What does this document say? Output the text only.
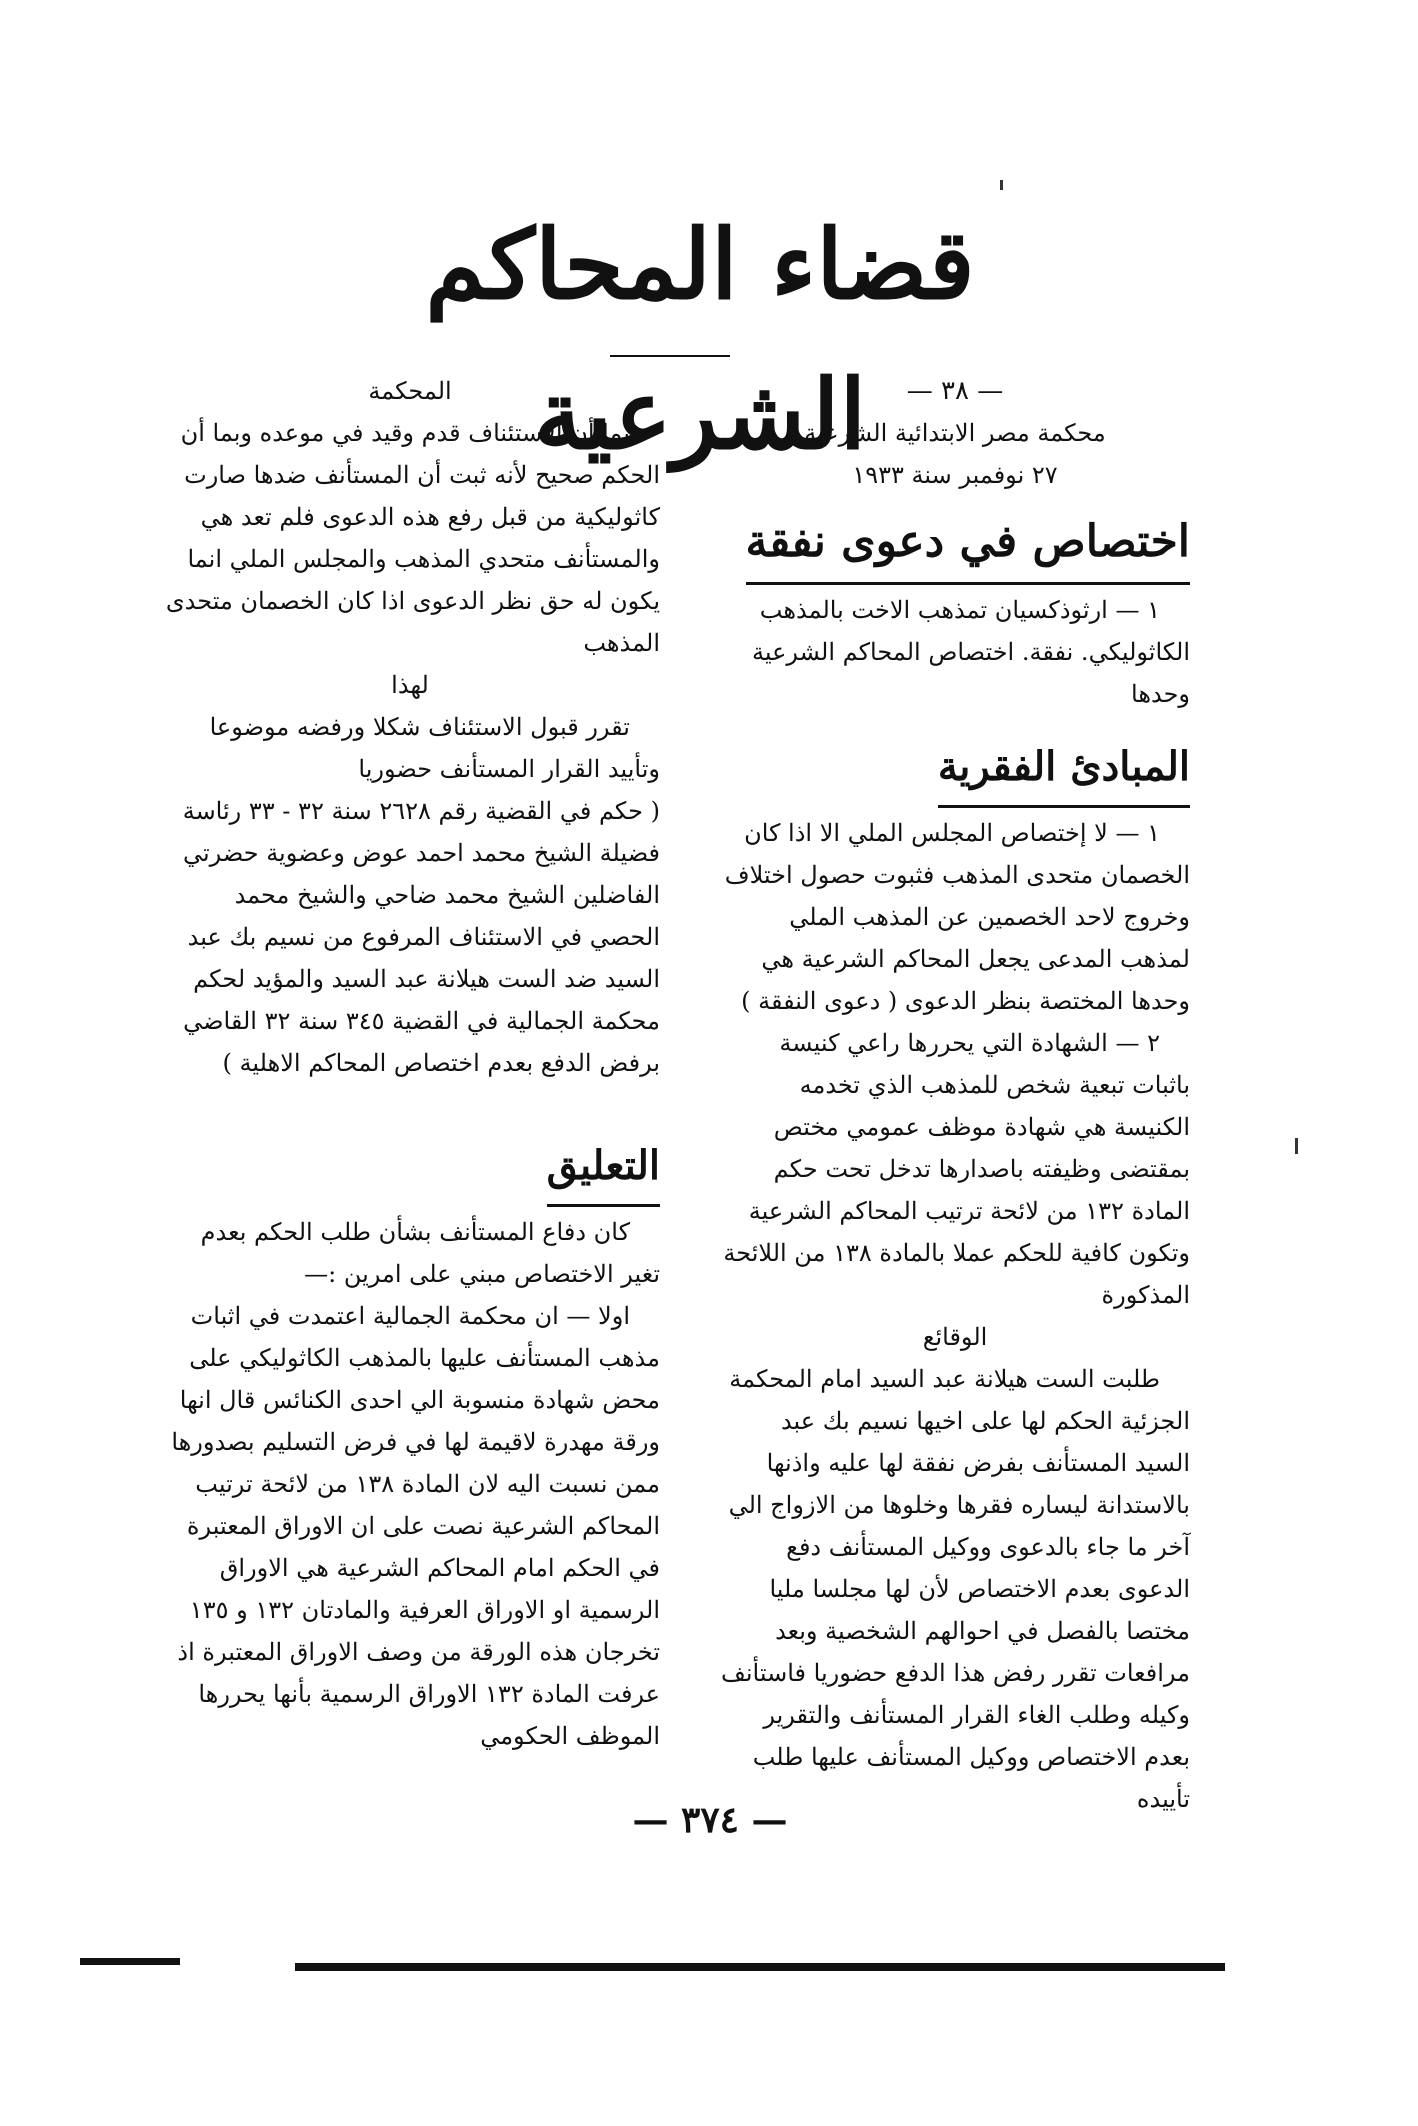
قضاء المحاكم الشرعية	— ٣٨ —

محكمة مصر الابتدائية الشرعية

٢٧ نوفمبر سنة ١٩٣٣

اختصاص في دعوى نفقة

١ — ارثوذكسيان تمذهب الاخت بالمذهب الكاثوليكي. نفقة. اختصاص المحاكم الشرعية وحدها

المبادئ الفقرية

١ — لا إختصاص المجلس الملي الا اذا كان الخصمان متحدى المذهب فثبوت حصول اختلاف وخروج لاحد الخصمين عن المذهب الملي لمذهب المدعى يجعل المحاكم الشرعية هي وحدها المختصة بنظر الدعوى ( دعوى النفقة )

٢ — الشهادة التي يحررها راعي كنيسة باثبات تبعية شخص للمذهب الذي تخدمه الكنيسة هي شهادة موظف عمومي مختص بمقتضى وظيفته باصدارها تدخل تحت حكم المادة ١٣٢ من لائحة ترتيب المحاكم الشرعية وتكون كافية للحكم عملا بالمادة ١٣٨ من اللائحة المذكورة

الوقائع

طلبت الست هيلانة عبد السيد امام المحكمة الجزئية الحكم لها على اخيها نسيم بك عبد السيد المستأنف بفرض نفقة لها عليه واذنها بالاستدانة ليساره فقرها وخلوها من الازواج الي آخر ما جاء بالدعوى ووكيل المستأنف دفع الدعوى بعدم الاختصاص لأن لها مجلسا مليا مختصا بالفصل في احوالهم الشخصية وبعد مرافعات تقرر رفض هذا الدفع حضوريا فاستأنف وكيله وطلب الغاء القرار المستأنف والتقرير بعدم الاختصاص ووكيل المستأنف عليها طلب تأييده

المحكمة

بما أن الاستئناف قدم وقيد في موعده وبما أن الحكم صحيح لأنه ثبت أن المستأنف ضدها صارت كاثوليكية من قبل رفع هذه الدعوى فلم تعد هي والمستأنف متحدي المذهب والمجلس الملي انما يكون له حق نظر الدعوى اذا كان الخصمان متحدى المذهب

لهذا

تقرر قبول الاستئناف شكلا ورفضه موضوعا وتأييد القرار المستأنف حضوريا

( حكم في القضية رقم ٢٦٢٨ سنة ٣٢ - ٣٣ رئاسة فضيلة الشيخ محمد احمد عوض وعضوية حضرتي الفاضلين الشيخ محمد ضاحي والشيخ محمد الحصي في الاستئناف المرفوع من نسيم بك عبد السيد ضد الست هيلانة عبد السيد والمؤيد لحكم محكمة الجمالية في القضية ٣٤٥ سنة ٣٢ القاضي برفض الدفع بعدم اختصاص المحاكم الاهلية )

التعليق

كان دفاع المستأنف بشأن طلب الحكم بعدم تغير الاختصاص مبني على امرين :—

اولا — ان محكمة الجمالية اعتمدت في اثبات مذهب المستأنف عليها بالمذهب الكاثوليكي على محض شهادة منسوبة الي احدى الكنائس قال انها ورقة مهدرة لاقيمة لها في فرض التسليم بصدورها ممن نسبت اليه لان المادة ١٣٨ من لائحة ترتيب المحاكم الشرعية نصت على ان الاوراق المعتبرة في الحكم امام المحاكم الشرعية هي الاوراق الرسمية او الاوراق العرفية والمادتان ١٣٢ و ١٣٥ تخرجان هذه الورقة من وصف الاوراق المعتبرة اذ عرفت المادة ١٣٢ الاوراق الرسمية بأنها يحررها الموظف الحكومي

— ٣٧٤ —
